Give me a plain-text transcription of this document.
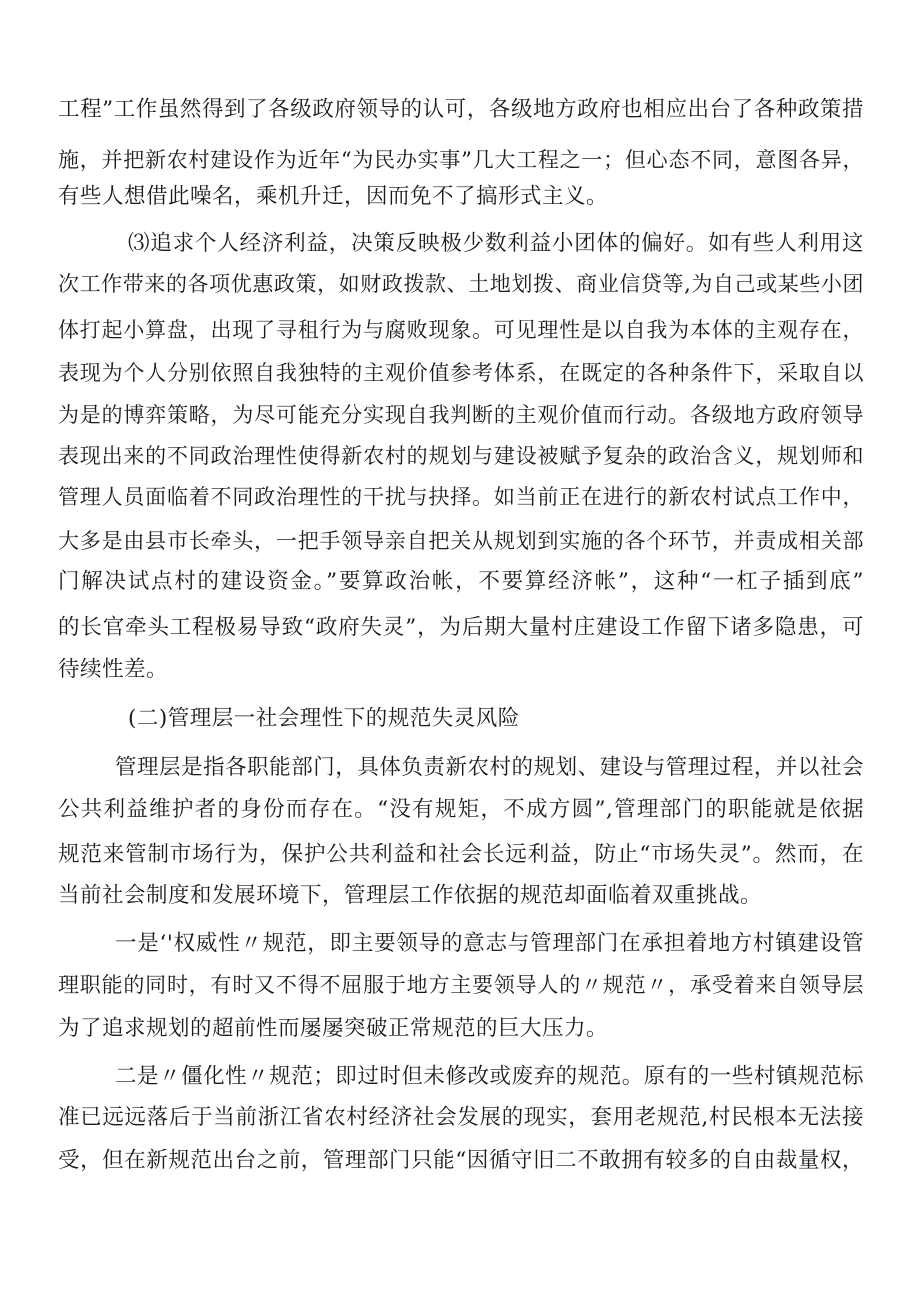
工程”工作虽然得到了各级政府领导的认可，各级地方政府也相应出台了各种政策措
施，并把新农村建设作为近年“为民办实事”几大工程之一；但心态不同，意图各异，
有些人想借此噪名，乘机升迁，因而免不了搞形式主义。
⑶追求个人经济利益，决策反映极少数利益小团体的偏好。如有些人利用这
次工作带来的各项优惠政策，如财政拨款、土地划拨、商业信贷等,为自己或某些小团
体打起小算盘，出现了寻租行为与腐败现象。可见理性是以自我为本体的主观存在，
表现为个人分别依照自我独特的主观价值参考体系，在既定的各种条件下，采取自以
为是的博弈策略，为尽可能充分实现自我判断的主观价值而行动。各级地方政府领导
表现出来的不同政治理性使得新农村的规划与建设被赋予复杂的政治含义，规划师和
管理人员面临着不同政治理性的干扰与抉择。如当前正在进行的新农村试点工作中，
大多是由县市长牵头，一把手领导亲自把关从规划到实施的各个环节，并责成相关部
门解决试点村的建设资金。”要算政治帐，不要算经济帐”，这种“一杠子插到底”
的长官牵头工程极易导致“政府失灵”，为后期大量村庄建设工作留下诸多隐患，可
待续性差。
(二)管理层一社会理性下的规范失灵风险
管理层是指各职能部门，具体负责新农村的规划、建设与管理过程，并以社会
公共利益维护者的身份而存在。“没有规矩，不成方圆”,管理部门的职能就是依据
规范来管制市场行为，保护公共利益和社会长远利益，防止“市场失灵”。然而，在
当前社会制度和发展环境下，管理层工作依据的规范却面临着双重挑战。
一是‘'权威性〃规范，即主要领导的意志与管理部门在承担着地方村镇建设管
理职能的同时，有时又不得不屈服于地方主要领导人的〃规范〃，承受着来自领导层
为了追求规划的超前性而屡屡突破正常规范的巨大压力。
二是〃僵化性〃规范；即过时但未修改或废弃的规范。原有的一些村镇规范标
准已远远落后于当前浙江省农村经济社会发展的现实，套用老规范,村民根本无法接
受，但在新规范出台之前，管理部门只能“因循守旧二不敢拥有较多的自由裁量权，
